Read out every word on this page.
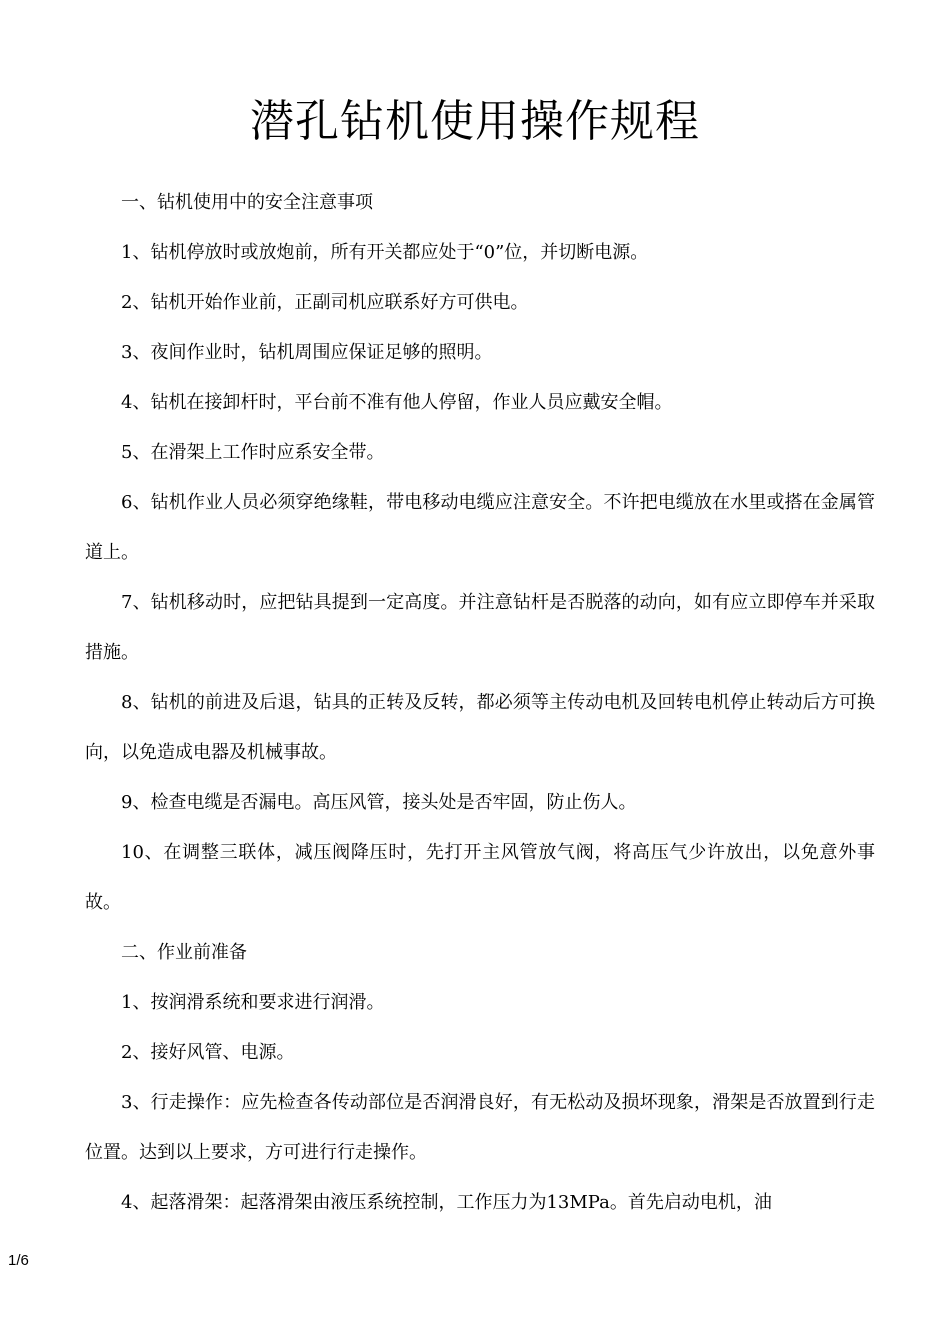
潜孔钻机使用操作规程

一、钻机使用中的安全注意事项

1、钻机停放时或放炮前，所有开关都应处于“0”位，并切断电源。

2、钻机开始作业前，正副司机应联系好方可供电。

3、夜间作业时，钻机周围应保证足够的照明。

4、钻机在接卸杆时，平台前不准有他人停留，作业人员应戴安全帽。

5、在滑架上工作时应系安全带。

6、钻机作业人员必须穿绝缘鞋，带电移动电缆应注意安全。不许把电缆放在水里或搭在金属管道上。

7、钻机移动时，应把钻具提到一定高度。并注意钻杆是否脱落的动向，如有应立即停车并采取措施。

8、钻机的前进及后退，钻具的正转及反转，都必须等主传动电机及回转电机停止转动后方可换向，以免造成电器及机械事故。

9、检查电缆是否漏电。高压风管，接头处是否牢固，防止伤人。

10、在调整三联体，减压阀降压时，先打开主风管放气阀，将高压气少许放出，以免意外事故。

二、作业前准备

1、按润滑系统和要求进行润滑。

2、接好风管、电源。

3、行走操作：应先检查各传动部位是否润滑良好，有无松动及损坏现象，滑架是否放置到行走位置。达到以上要求，方可进行行走操作。

4、起落滑架：起落滑架由液压系统控制，工作压力为13MPa。首先启动电机，油

1/6
